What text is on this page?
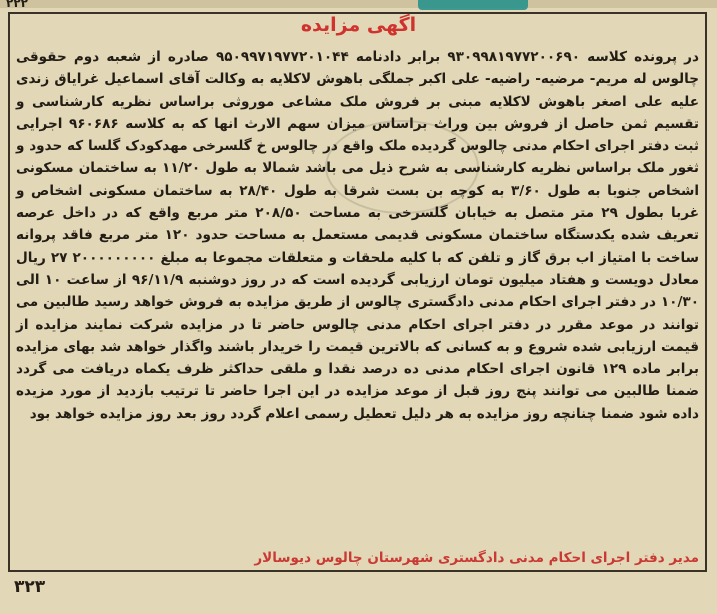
۲۲۲
اگهی مزایده
در پرونده کلاسه ۹۳۰۹۹۸۱۹۷۷۲۰۰۶۹۰ برابر دادنامه ۹۵۰۹۹۷۱۹۷۷۲۰۱۰۴۴ صادره از شعبه دوم حقوقی چالوس له مریم- مرضیه- راضیه- علی اکبر جملگی باهوش لاکلایه به وکالت آقای اسماعیل غرایاق زندی علیه علی اصغر باهوش لاکلایه مبنی بر فروش ملک مشاعی موروثی براساس نظریه کارشناسی و تقسیم ثمن حاصل از فروش بین وراث براساس میزان سهم الارث انها که به کلاسه ۹۶۰۶۸۶ اجرایی ثبت دفتر اجرای احکام مدنی چالوس گردیده ملک واقع در چالوس خ گلسرخی مهدکودک گلسا که حدود و ثغور ملک براساس نظریه کارشناسی به شرح ذیل می باشد شمالا به طول ۱۱/۲۰ به ساختمان مسکونی اشخاص جنوبا به طول ۳/۶۰ به کوچه بن بست شرقا به طول ۲۸/۴۰ به ساختمان مسکونی اشخاص و غربا بطول ۲۹ متر متصل به خیابان گلسرخی به مساحت ۲۰۸/۵۰ متر مربع واقع که در داخل عرصه تعریف شده یکدستگاه ساختمان مسکونی قدیمی مستعمل به مساحت حدود ۱۲۰ متر مربع فاقد پروانه ساخت با امتیاز اب برق گاز و تلفن که با کلیه ملحقات و متعلقات مجموعا به مبلغ ۲۰۰۰۰۰۰۰۰۰ ۲۷ ریال معادل دویست و هفتاد میلیون تومان ارزیابی گردیده است که در روز دوشنبه ۹۶/۱۱/۹ از ساعت ۱۰ الی ۱۰/۳۰ در دفتر اجرای احکام مدنی دادگستری چالوس از طریق مزایده به فروش خواهد رسید طالبین می توانند در موعد مقرر در دفتر اجرای احکام مدنی چالوس حاضر تا در مزایده شرکت نمایند مزایده از قیمت ارزیابی شده شروع و به کسانی که بالاترین قیمت را خریدار باشند واگذار خواهد شد بهای مزایده برابر ماده ۱۲۹ قانون اجرای احکام مدنی ده درصد نقدا و ملقی حداکثر ظرف یکماه دریافت می گردد ضمنا طالبین می توانند پنج روز قبل از موعد مزایده در این اجرا حاضر تا ترتیب بازدید از مورد مزیده داده شود ضمنا چنانچه روز مزایده به هر دلیل تعطیل رسمی اعلام گردد روز بعد روز مزایده خواهد بود
مدیر دفتر اجرای احکام مدنی دادگستری شهرستان چالوس دیوسالار
۳۲۳
